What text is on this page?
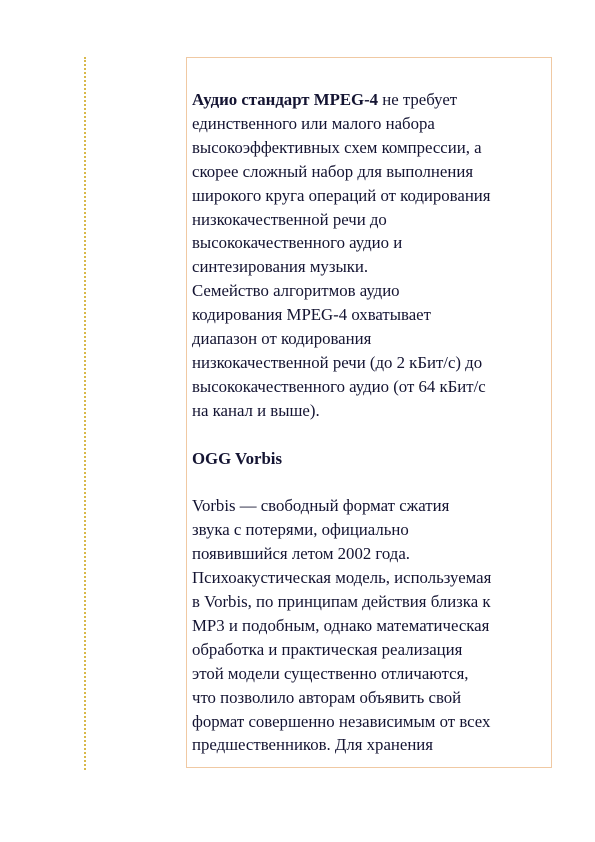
Аудио стандарт MPEG-4 не требует
единственного или малого набора
высокоэффективных схем компрессии, а
скорее сложный набор для выполнения
широкого круга операций от кодирования
низкокачественной речи до
высококачественного аудио и
синтезирования музыки.
Семейство алгоритмов аудио
кодирования MPEG-4 охватывает
диапазон от кодирования
низкокачественной речи (до 2 кБит/с) до
высококачественного аудио (от 64 кБит/с
на канал и выше).
OGG Vorbis
Vorbis — свободный формат сжатия
звука с потерями, официально
появившийся летом 2002 года.
Психоакустическая модель, используемая
в Vorbis, по принципам действия близка к
MP3 и подобным, однако математическая
обработка и практическая реализация
этой модели существенно отличаются,
что позволило авторам объявить свой
формат совершенно независимым от всех
предшественников. Для хранения
